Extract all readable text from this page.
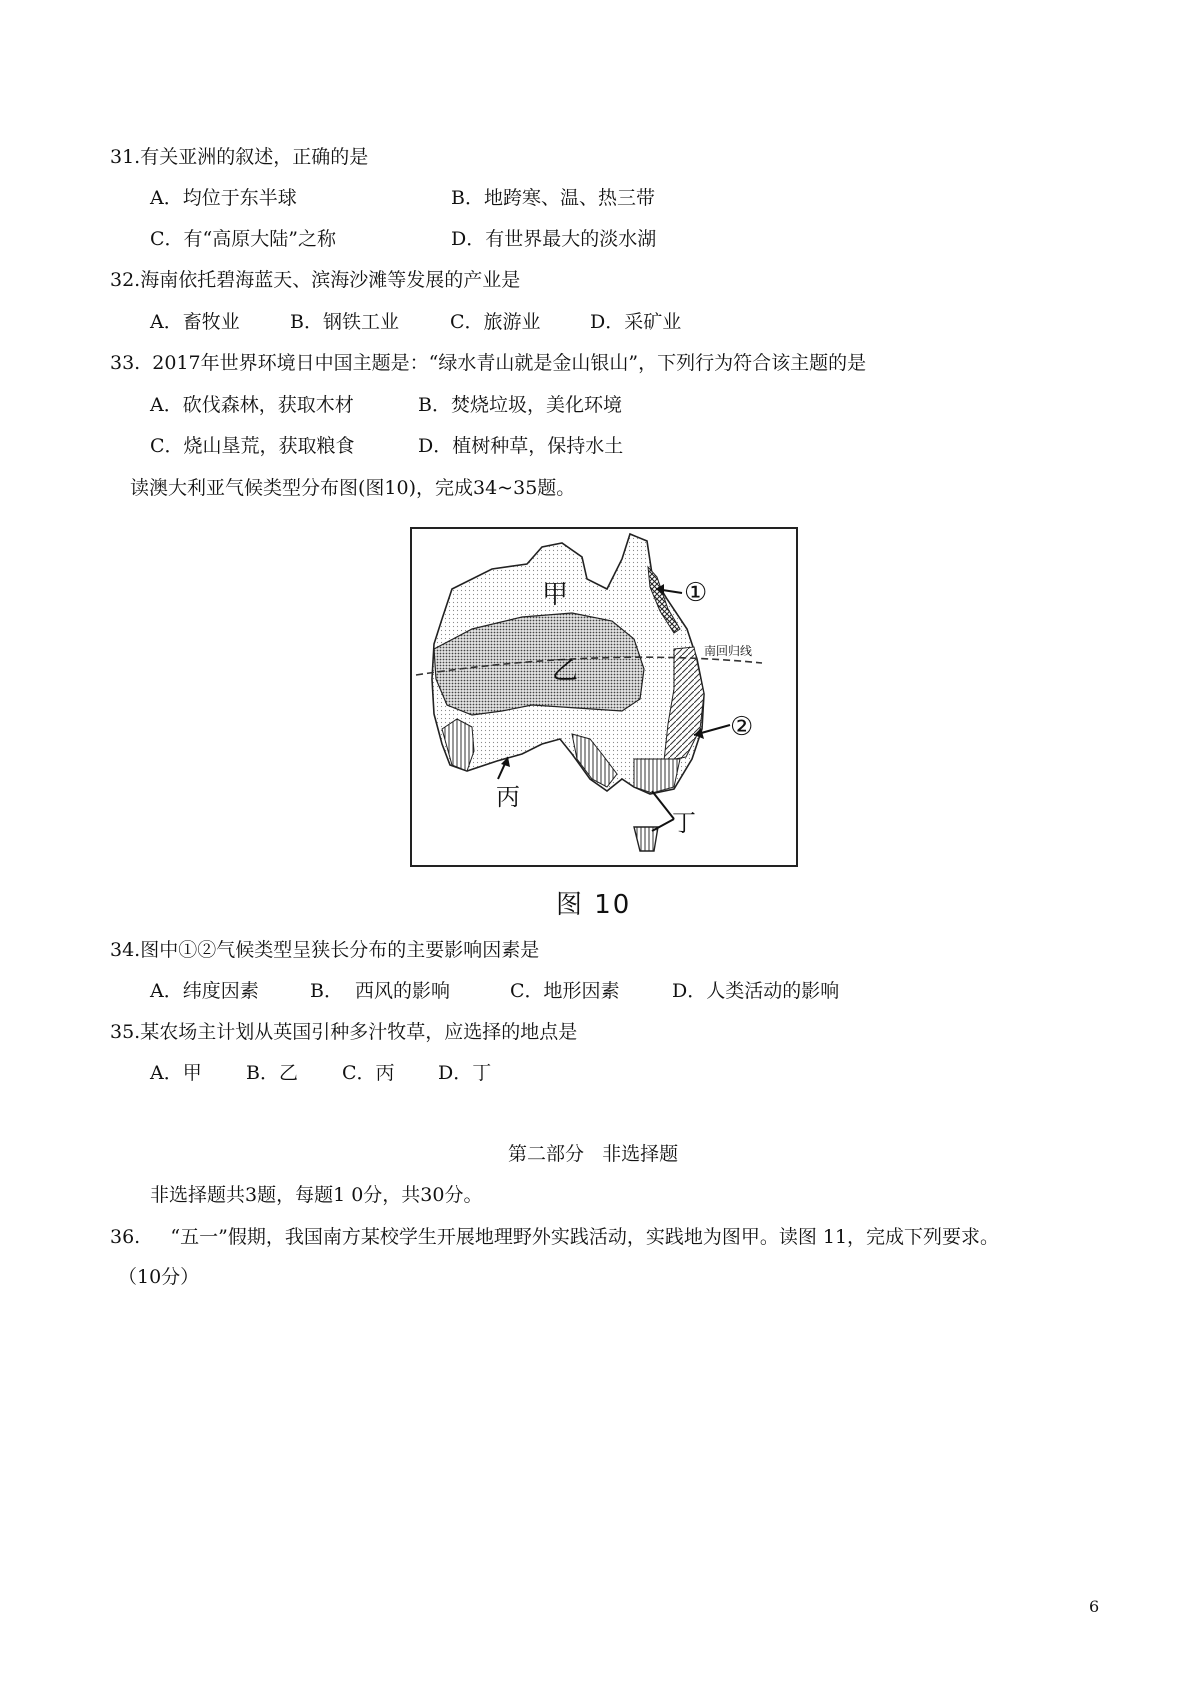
31.有关亚洲的叙述，正确的是
A．均位于东半球	B．地跨寒、温、热三带
C．有“高原大陆”之称	D．有世界最大的淡水湖
32.海南依托碧海蓝天、滨海沙滩等发展的产业是
A．畜牧业	B．钢铁工业	C．旅游业	D．采矿业
33.  2017年世界环境日中国主题是：“绿水青山就是金山银山”，下列行为符合该主题的是
A．砍伐森林，获取木材	B．焚烧垃圾，美化环境
C．烧山垦荒，获取粮食	D．植树种草，保持水土
读澳大利亚气候类型分布图(图10)，完成34~35题。
甲
乙
丙
丁
①
②
南回归线
图 10
34.图中①②气候类型呈狭长分布的主要影响因素是
A．纬度因素	B．  西风的影响	C．地形因素	D．人类活动的影响
35.某农场主计划从英国引种多汁牧草，应选择的地点是
A．甲 B．乙 C．丙 D．丁
第二部分   非选择题
非选择题共3题，每题1 0分，共30分。
36.     “五一”假期，我国南方某校学生开展地理野外实践活动，实践地为图甲。读图 11，完成下列要求。
（10分）
6
